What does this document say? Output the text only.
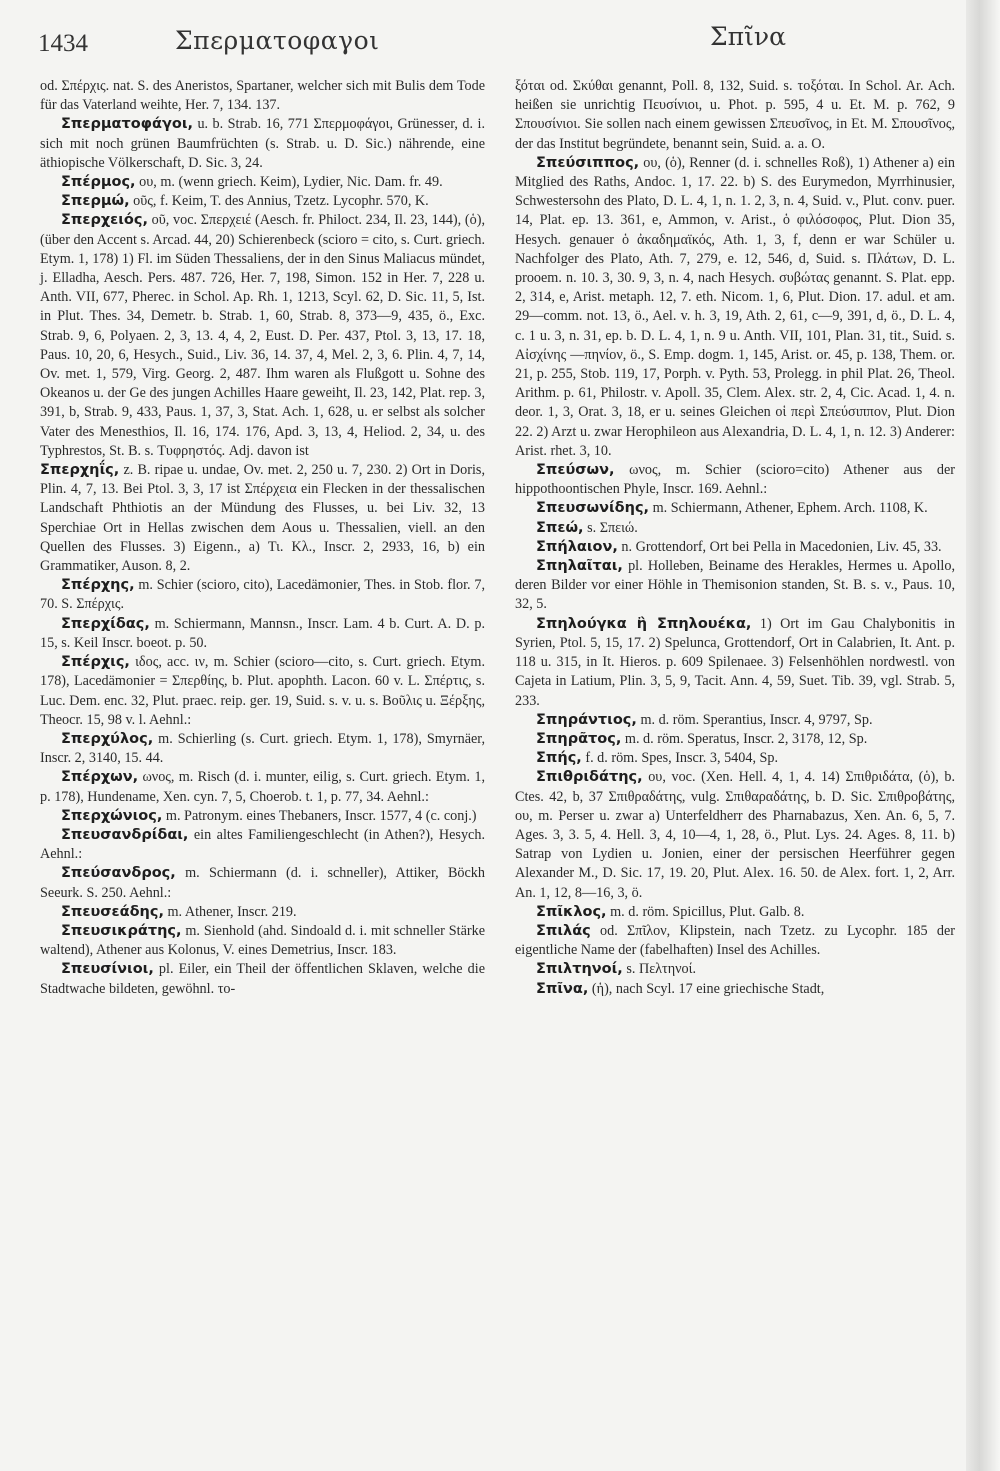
1434	Σπερματοφαγοι	Σπῖνα

od. Σπέρχις. nat. S. des Aneristos, Spartaner, welcher sich mit Bulis dem Tode für das Vaterland weihte, Her. 7, 134. 137.

Σπερματοφάγοι, u. b. Strab. 16, 771 Σπερμοφάγοι, Grünesser, d. i. sich mit noch grünen Baumfrüchten (s. Strab. u. D. Sic.) nährende, eine äthiopische Völkerschaft, D. Sic. 3, 24.

Σπέρμος, ου, m. (wenn griech. Keim), Lydier, Nic. Dam. fr. 49.

Σπερμώ, οῦς, f. Keim, T. des Annius, Tzetz. Lycophr. 570, K.

Σπερχειός, οῦ, voc. Σπερχειέ (Aesch. fr. Philoct. 234, Il. 23, 144), (ὁ), (über den Accent s. Arcad. 44, 20) Schierenbeck (scioro = cito, s. Curt. griech. Etym. 1, 178) 1) Fl. im Süden Thessaliens, der in den Sinus Maliacus mündet, j. Elladha, Aesch. Pers. 487. 726, Her. 7, 198, Simon. 152 in Her. 7, 228 u. Anth. VII, 677, Pherec. in Schol. Ap. Rh. 1, 1213, Scyl. 62, D. Sic. 11, 5, Ist. in Plut. Thes. 34, Demetr. b. Strab. 1, 60, Strab. 8, 373—9, 435, ö., Exc. Strab. 9, 6, Polyaen. 2, 3, 13. 4, 4, 2, Eust. D. Per. 437, Ptol. 3, 13, 17. 18, Paus. 10, 20, 6, Hesych., Suid., Liv. 36, 14. 37, 4, Mel. 2, 3, 6. Plin. 4, 7, 14, Ov. met. 1, 579, Virg. Georg. 2, 487. Ihm waren als Flußgott u. Sohne des Okeanos u. der Ge des jungen Achilles Haare geweiht, Il. 23, 142, Plat. rep. 3, 391, b, Strab. 9, 433, Paus. 1, 37, 3, Stat. Ach. 1, 628, u. er selbst als solcher Vater des Menesthios, Il. 16, 174. 176, Apd. 3, 13, 4, Heliod. 2, 34, u. des Typhrestos, St. B. s. Τυφρηστός. Adj. davon ist

Σπερχηΐς, z. B. ripae u. undae, Ov. met. 2, 250 u. 7, 230. 2) Ort in Doris, Plin. 4, 7, 13. Bei Ptol. 3, 3, 17 ist Σπέρχεια ein Flecken in der thessalischen Landschaft Phthiotis an der Mündung des Flusses, u. bei Liv. 32, 13 Sperchiae Ort in Hellas zwischen dem Aous u. Thessalien, viell. an den Quellen des Flusses. 3) Eigenn., a) Τι. Κλ., Inscr. 2, 2933, 16, b) ein Grammatiker, Auson. 8, 2.

Σπέρχης, m. Schier (scioro, cito), Lacedämonier, Thes. in Stob. flor. 7, 70. S. Σπέρχις.

Σπερχίδας, m. Schiermann, Mannsn., Inscr. Lam. 4 b. Curt. A. D. p. 15, s. Keil Inscr. boeot. p. 50.

Σπέρχις, ιδος, acc. ιν, m. Schier (scioro—cito, s. Curt. griech. Etym. 178), Lacedämonier = Σπερθίης, b. Plut. apophth. Lacon. 60 v. L. Σπέρτις, s. Luc. Dem. enc. 32, Plut. praec. reip. ger. 19, Suid. s. v. u. s. Βοῦλις u. Ξέρξης, Theocr. 15, 98 v. l. Aehnl.:

Σπερχύλος, m. Schierling (s. Curt. griech. Etym. 1, 178), Smyrnäer, Inscr. 2, 3140, 15. 44.

Σπέρχων, ωνος, m. Risch (d. i. munter, eilig, s. Curt. griech. Etym. 1, p. 178), Hundename, Xen. cyn. 7, 5, Choerob. t. 1, p. 77, 34. Aehnl.:

Σπερχώνιος, m. Patronym. eines Thebaners, Inscr. 1577, 4 (c. conj.)

Σπευσανδρίδαι, ein altes Familiengeschlecht (in Athen?), Hesych. Aehnl.:

Σπεύσανδρος, m. Schiermann (d. i. schneller), Attiker, Böckh Seeurk. S. 250. Aehnl.:

Σπευσεάδης, m. Athener, Inscr. 219.

Σπευσικράτης, m. Sienhold (ahd. Sindoald d. i. mit schneller Stärke waltend), Athener aus Kolonus, V. eines Demetrius, Inscr. 183.

Σπευσίνιοι, pl. Eiler, ein Theil der öffentlichen Sklaven, welche die Stadtwache bildeten, gewöhnl. το-

ξόται od. Σκύθαι genannt, Poll. 8, 132, Suid. s. τοξόται. In Schol. Ar. Ach. heißen sie unrichtig Πευσίνιοι, u. Phot. p. 595, 4 u. Et. M. p. 762, 9 Σπουσίνιοι. Sie sollen nach einem gewissen Σπευσῖνος, in Et. M. Σπουσῖνος, der das Institut begründete, benannt sein, Suid. a. a. O.

Σπεύσιππος, ου, (ὁ), Renner (d. i. schnelles Roß), 1) Athener a) ein Mitglied des Raths, Andoc. 1, 17. 22. b) S. des Eurymedon, Myrrhinusier, Schwestersohn des Plato, D. L. 4, 1, n. 1. 2, 3, n. 4, Suid. v., Plut. conv. puer. 14, Plat. ep. 13. 361, e, Ammon, v. Arist., ὁ φιλόσοφος, Plut. Dion 35, Hesych. genauer ὁ ἀκαδημαϊκός, Ath. 1, 3, f, denn er war Schüler u. Nachfolger des Plato, Ath. 7, 279, e. 12, 546, d, Suid. s. Πλάτων, D. L. prooem. n. 10. 3, 30. 9, 3, n. 4, nach Hesych. συβώτας genannt. S. Plat. epp. 2, 314, e, Arist. metaph. 12, 7. eth. Nicom. 1, 6, Plut. Dion. 17. adul. et am. 29—comm. not. 13, ö., Ael. v. h. 3, 19, Ath. 2, 61, c—9, 391, d, ö., D. L. 4, c. 1 u. 3, n. 31, ep. b. D. L. 4, 1, n. 9 u. Anth. VII, 101, Plan. 31, tit., Suid. s. Αἰσχίνης —πηνίον, ö., S. Emp. dogm. 1, 145, Arist. or. 45, p. 138, Them. or. 21, p. 255, Stob. 119, 17, Porph. v. Pyth. 53, Prolegg. in phil Plat. 26, Theol. Arithm. p. 61, Philostr. v. Apoll. 35, Clem. Alex. str. 2, 4, Cic. Acad. 1, 4. n. deor. 1, 3, Orat. 3, 18, er u. seines Gleichen οἱ περὶ Σπεύσιππον, Plut. Dion 22. 2) Arzt u. zwar Herophileon aus Alexandria, D. L. 4, 1, n. 12. 3) Anderer: Arist. rhet. 3, 10.

Σπεύσων, ωνος, m. Schier (scioro=cito) Athener aus der hippothoontischen Phyle, Inscr. 169. Aehnl.:

Σπευσωνίδης, m. Schiermann, Athener, Ephem. Arch. 1108, K.

Σπεώ, s. Σπειώ.

Σπήλαιον, n. Grottendorf, Ort bei Pella in Macedonien, Liv. 45, 33.

Σπηλαῖται, pl. Holleben, Beiname des Herakles, Hermes u. Apollo, deren Bilder vor einer Höhle in Themisonion standen, St. B. s. v., Paus. 10, 32, 5.

Σπηλούγκα ἢ Σπηλουέκα, 1) Ort im Gau Chalybonitis in Syrien, Ptol. 5, 15, 17. 2) Spelunca, Grottendorf, Ort in Calabrien, It. Ant. p. 118 u. 315, in It. Hieros. p. 609 Spilenaee. 3) Felsenhöhlen nordwestl. von Cajeta in Latium, Plin. 3, 5, 9, Tacit. Ann. 4, 59, Suet. Tib. 39, vgl. Strab. 5, 233.

Σπηράντιος, m. d. röm. Sperantius, Inscr. 4, 9797, Sp.

Σπηρᾶτος, m. d. röm. Speratus, Inscr. 2, 3178, 12, Sp.

Σπής, f. d. röm. Spes, Inscr. 3, 5404, Sp.

Σπιθριδάτης, ου, voc. (Xen. Hell. 4, 1, 4. 14) Σπιθριδάτα, (ὁ), b. Ctes. 42, b, 37 Σπιθραδάτης, vulg. Σπιθαραδάτης, b. D. Sic. Σπιθροβάτης, ου, m. Perser u. zwar a) Unterfeldherr des Pharnabazus, Xen. An. 6, 5, 7. Ages. 3, 3. 5, 4. Hell. 3, 4, 10—4, 1, 28, ö., Plut. Lys. 24. Ages. 8, 11. b) Satrap von Lydien u. Jonien, einer der persischen Heerführer gegen Alexander M., D. Sic. 17, 19. 20, Plut. Alex. 16. 50. de Alex. fort. 1, 2, Arr. An. 1, 12, 8—16, 3, ö.

Σπῖκλος, m. d. röm. Spicillus, Plut. Galb. 8.

Σπιλάς od. Σπῖλον, Klipstein, nach Tzetz. zu Lycophr. 185 der eigentliche Name der (fabelhaften) Insel des Achilles.

Σπιλτηνοί, s. Πελτηνοί.

Σπῖνα, (ἡ), nach Scyl. 17 eine griechische Stadt,
